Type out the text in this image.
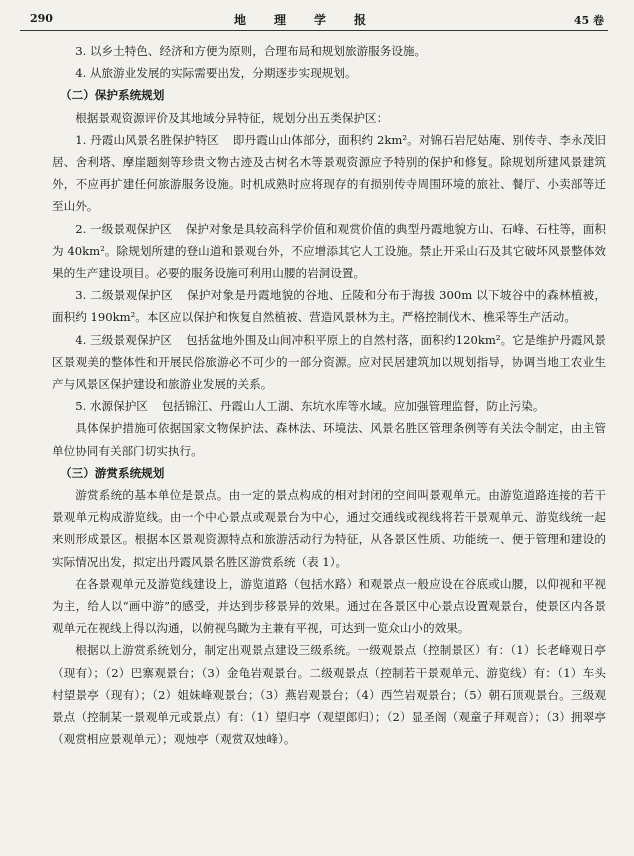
290	地理学报	45 卷

3. 以乡土特色、经济和方便为原则，合理布局和规划旅游服务设施。

4. 从旅游业发展的实际需要出发，分期逐步实现规划。

（二）保护系统规划

根据景观资源评价及其地域分异特征，规划分出五类保护区：

1. 丹霞山风景名胜保护特区 即丹霞山山体部分，面积约 2km²。对锦石岩尼姑庵、别传寺、李永茂旧居、舍利塔、摩崖题刻等珍贵文物古迹及古树名木等景观资源应予特别的保护和修复。除规划所建风景建筑外，不应再扩建任何旅游服务设施。时机成熟时应将现存的有损别传寺周围环境的旅社、餐厅、小卖部等迁至山外。

2. 一级景观保护区 保护对象是具较高科学价值和观赏价值的典型丹霞地貌方山、石峰、石柱等，面积为 40km²。除规划所建的登山道和景观台外，不应增添其它人工设施。禁止开采山石及其它破坏风景整体效果的生产建设项目。必要的服务设施可利用山腰的岩洞设置。

3. 二级景观保护区 保护对象是丹霞地貌的谷地、丘陵和分布于海拔 300m 以下坡谷中的森林植被，面积约 190km²。本区应以保护和恢复自然植被、营造风景林为主。严格控制伐木、樵采等生产活动。

4. 三级景观保护区 包括盆地外围及山间冲积平原上的自然村落，面积约120km²。它是维护丹霞风景区景观美的整体性和开展民俗旅游必不可少的一部分资源。应对民居建筑加以规划指导，协调当地工农业生产与风景区保护建设和旅游业发展的关系。

5. 水源保护区 包括锦江、丹霞山人工湖、东坑水库等水域。应加强管理监督，防止污染。

具体保护措施可依据国家文物保护法、森林法、环境法、风景名胜区管理条例等有关法令制定，由主管单位协同有关部门切实执行。

（三）游赏系统规划

游赏系统的基本单位是景点。由一定的景点构成的相对封闭的空间叫景观单元。由游览道路连接的若干景观单元构成游览线。由一个中心景点或观景台为中心，通过交通线或视线将若干景观单元、游览线统一起来则形成景区。根据本区景观资源特点和旅游活动行为特征，从各景区性质、功能统一、便于管理和建设的实际情况出发，拟定出丹霞风景名胜区游赏系统（表 1）。

在各景观单元及游览线建设上，游览道路（包括水路）和观景点一般应设在谷底或山腰，以仰视和平视为主，给人以“画中游”的感受，并达到步移景异的效果。通过在各景区中心景点设置观景台，使景区内各景观单元在视线上得以沟通，以俯视鸟瞰为主兼有平视，可达到一览众山小的效果。

根据以上游赏系统划分，制定出观景点建设三级系统。一级观景点（控制景区）有：（1）长老峰观日亭（现有）；（2）巴寨观景台；（3）金龟岩观景台。二级观景点（控制若干景观单元、游览线）有：（1）车头村望景亭（现有）；（2）姐妹峰观景台；（3）燕岩观景台；（4）西竺岩观景台；（5）朝石顶观景台。三级观景点（控制某一景观单元或景点）有：（1）望归亭（观望郎归）；（2）显圣阁（观童子拜观音）；（3）拥翠亭（观赏相应景观单元）；观烛亭（观赏双烛峰）。
